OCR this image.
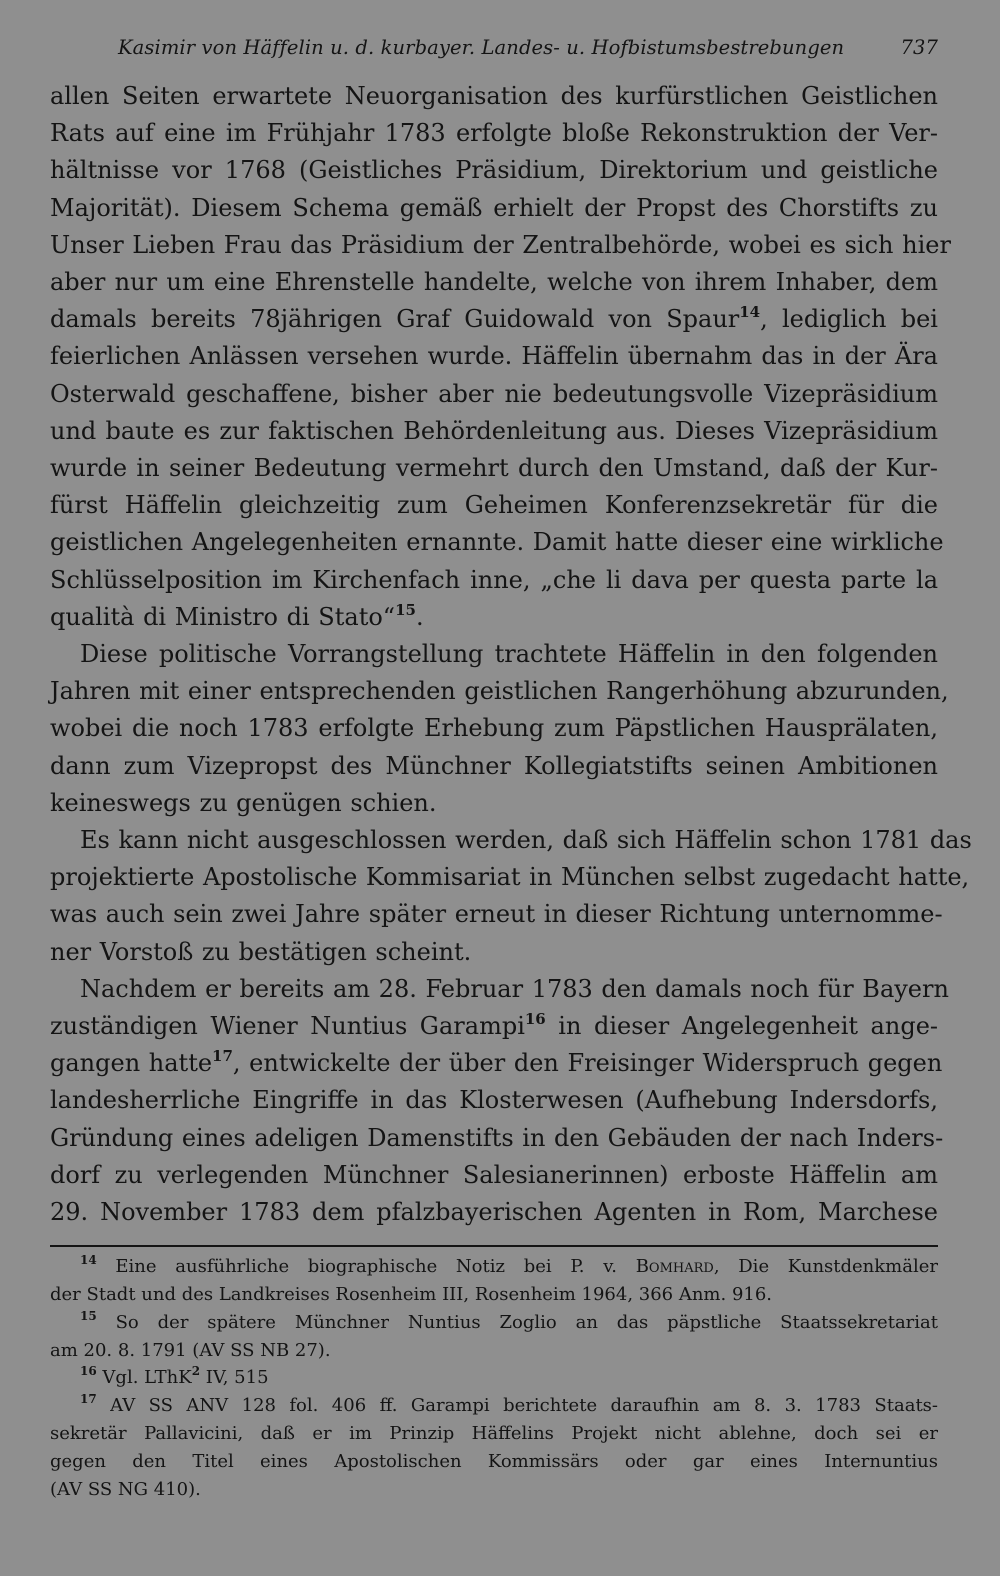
Kasimir von Häffelin u. d. kurbayer. Landes- u. Hofbistumsbestrebungen	737

allen Seiten erwartete Neuorganisation des kurfürstlichen Geistlichen
Rats auf eine im Frühjahr 1783 erfolgte bloße Rekonstruktion der Ver-
hältnisse vor 1768 (Geistliches Präsidium, Direktorium und geistliche
Majorität). Diesem Schema gemäß erhielt der Propst des Chorstifts zu
Unser Lieben Frau das Präsidium der Zentralbehörde, wobei es sich hier
aber nur um eine Ehrenstelle handelte, welche von ihrem Inhaber, dem
damals bereits 78jährigen Graf Guidowald von Spaur$^{14}$, lediglich bei
feierlichen Anlässen versehen wurde. Häffelin übernahm das in der Ära
Osterwald geschaffene, bisher aber nie bedeutungsvolle Vizepräsidium
und baute es zur faktischen Behördenleitung aus. Dieses Vizepräsidium
wurde in seiner Bedeutung vermehrt durch den Umstand, daß der Kur-
fürst Häffelin gleichzeitig zum Geheimen Konferenzsekretär für die
geistlichen Angelegenheiten ernannte. Damit hatte dieser eine wirkliche
Schlüsselposition im Kirchenfach inne, „che li dava per questa parte la
qualità di Ministro di Stato“$^{15}$.

Diese politische Vorrangstellung trachtete Häffelin in den folgenden
Jahren mit einer entsprechenden geistlichen Rangerhöhung abzurunden,
wobei die noch 1783 erfolgte Erhebung zum Päpstlichen Hausprälaten,
dann zum Vizepropst des Münchner Kollegiatstifts seinen Ambitionen
keineswegs zu genügen schien.

Es kann nicht ausgeschlossen werden, daß sich Häffelin schon 1781 das
projektierte Apostolische Kommisariat in München selbst zugedacht hatte,
was auch sein zwei Jahre später erneut in dieser Richtung unternomme-
ner Vorstoß zu bestätigen scheint.

Nachdem er bereits am 28. Februar 1783 den damals noch für Bayern
zuständigen Wiener Nuntius Garampi$^{16}$ in dieser Angelegenheit ange-
gangen hatte$^{17}$, entwickelte der über den Freisinger Widerspruch gegen
landesherrliche Eingriffe in das Klosterwesen (Aufhebung Indersdorfs,
Gründung eines adeligen Damenstifts in den Gebäuden der nach Inders-
dorf zu verlegenden Münchner Salesianerinnen) erboste Häffelin am
29. November 1783 dem pfalzbayerischen Agenten in Rom, Marchese

$^{14}$ Eine ausführliche biographische Notiz bei P. v. Bomhard, Die Kunstdenkmäler
der Stadt und des Landkreises Rosenheim III, Rosenheim 1964, 366 Anm. 916.

$^{15}$ So der spätere Münchner Nuntius Zoglio an das päpstliche Staatssekretariat
am 20. 8. 1791 (AV SS NB 27).

$^{16}$ Vgl. LThK$^2$ IV, 515

$^{17}$ AV SS ANV 128 fol. 406 ff. Garampi berichtete daraufhin am 8. 3. 1783 Staats-
sekretär Pallavicini, daß er im Prinzip Häffelins Projekt nicht ablehne, doch sei er
gegen den Titel eines Apostolischen Kommissärs oder gar eines Internuntius
(AV SS NG 410).
